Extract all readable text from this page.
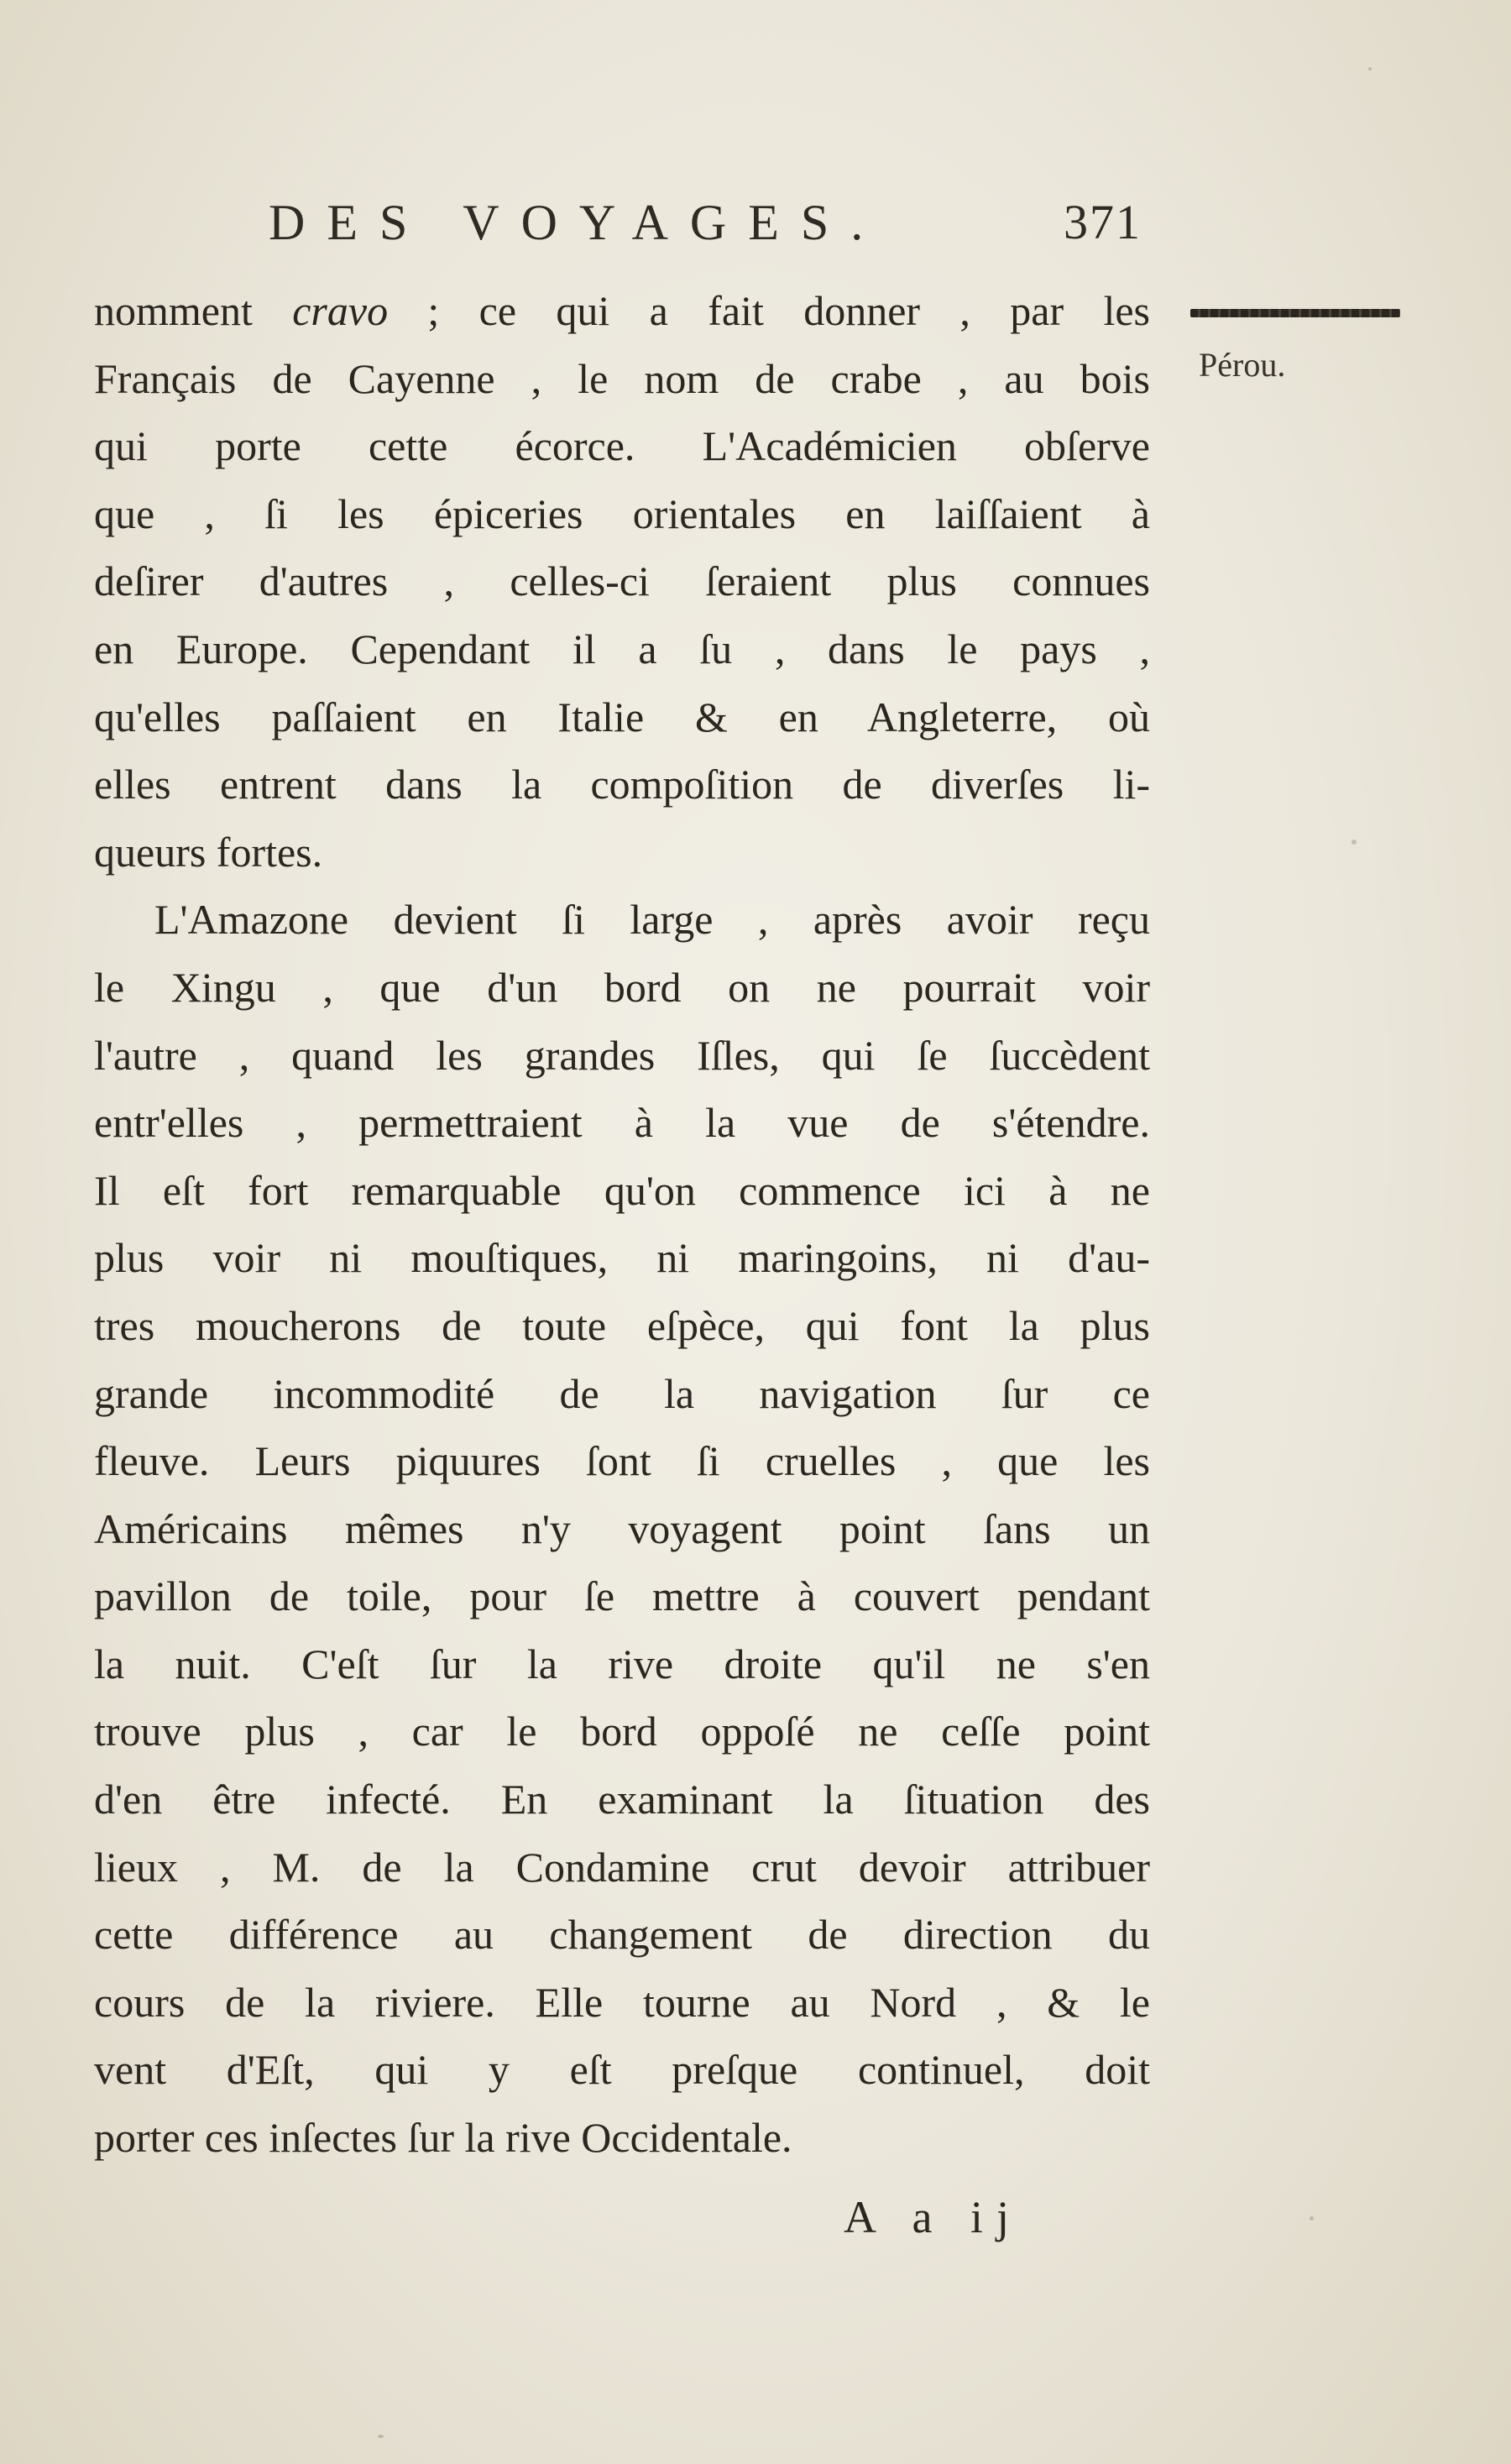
DES VOYAGES.	371
Pérou.
nomment cravo ; ce qui a fait donner , par les
Français de Cayenne , le nom de crabe , au bois
qui porte cette écorce. L'Académicien obſerve
que , ſi les épiceries orientales en laiſſaient à
deſirer d'autres , celles-ci ſeraient plus connues
en Europe. Cependant il a ſu , dans le pays ,
qu'elles paſſaient en Italie & en Angleterre, où
elles entrent dans la compoſition de diverſes li-
queurs fortes.
L'Amazone devient ſi large , après avoir reçu
le Xingu , que d'un bord on ne pourrait voir
l'autre , quand les grandes Iſles, qui ſe ſuccèdent
entr'elles , permettraient à la vue de s'étendre.
Il eſt fort remarquable qu'on commence ici à ne
plus voir ni mouſtiques, ni maringoins, ni d'au-
tres moucherons de toute eſpèce, qui font la plus
grande incommodité de la navigation ſur ce
fleuve. Leurs piquures ſont ſi cruelles , que les
Américains mêmes n'y voyagent point ſans un
pavillon de toile, pour ſe mettre à couvert pendant
la nuit. C'eſt ſur la rive droite qu'il ne s'en
trouve plus , car le bord oppoſé ne ceſſe point
d'en être infecté. En examinant la ſituation des
lieux , M. de la Condamine crut devoir attribuer
cette différence au changement de direction du
cours de la riviere. Elle tourne au Nord , & le
vent d'Eſt, qui y eſt preſque continuel, doit
porter ces inſectes ſur la rive Occidentale.
A a ij
